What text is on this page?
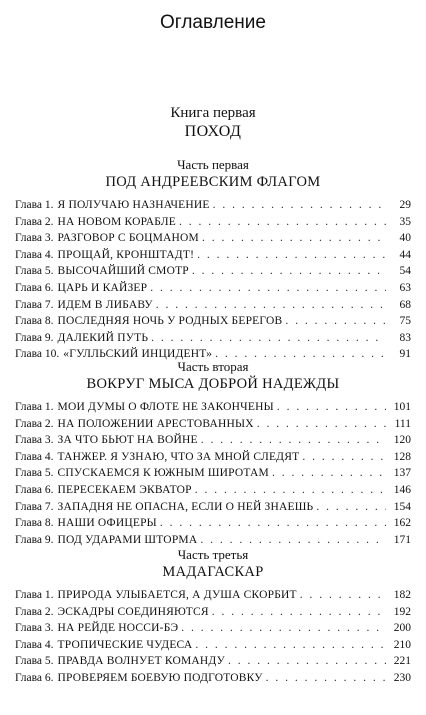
Оглавление
Книга первая
ПОХОД
Часть первая
ПОД АНДРЕЕВСКИМ ФЛАГОМ
Глава 1. Я ПОЛУЧАЮ НАЗНАЧЕНИЕ . . .	29
Глава 2. НА НОВОМ КОРАБЛЕ . . .	35
Глава 3. РАЗГОВОР С БОЦМАНОМ . . .	40
Глава 4. ПРОЩАЙ, КРОНШТАДТ! . . .	44
Глава 5. ВЫСОЧАЙШИЙ СМОТР . . .	54
Глава 6. ЦАРЬ И КАЙЗЕР . . .	63
Глава 7. ИДЕМ В ЛИБАВУ . . .	68
Глава 8. ПОСЛЕДНЯЯ НОЧЬ У РОДНЫХ БЕРЕГОВ . . .	75
Глава 9. ДАЛЕКИЙ ПУТЬ . . .	83
Глава 10. «ГУЛЛЬСКИЙ ИНЦИДЕНТ» . . .	91
Часть вторая
ВОКРУГ МЫСА ДОБРОЙ НАДЕЖДЫ
Глава 1. МОИ ДУМЫ О ФЛОТЕ НЕ ЗАКОНЧЕНЫ . . .	101
Глава 2. НА ПОЛОЖЕНИИ АРЕСТОВАННЫХ . . .	111
Глава 3. ЗА ЧТО БЬЮТ НА ВОЙНЕ . . .	120
Глава 4. ТАНЖЕР. Я УЗНАЮ, ЧТО ЗА МНОЙ СЛЕДЯТ . . .	128
Глава 5. СПУСКАЕМСЯ К ЮЖНЫМ ШИРОТАМ . . .	137
Глава 6. ПЕРЕСЕКАЕМ ЭКВАТОР . . .	146
Глава 7. ЗАПАДНЯ НЕ ОПАСНА, ЕСЛИ О НЕЙ ЗНАЕШЬ . . .	154
Глава 8. НАШИ ОФИЦЕРЫ . . .	162
Глава 9. ПОД УДАРАМИ ШТОРМА . . .	171
Часть третья
МАДАГАСКАР
Глава 1. ПРИРОДА УЛЫБАЕТСЯ, А ДУША СКОРБИТ . . .	182
Глава 2. ЭСКАДРЫ СОЕДИНЯЮТСЯ . . .	192
Глава 3. НА РЕЙДЕ НОССИ-БЭ . . .	200
Глава 4. ТРОПИЧЕСКИЕ ЧУДЕСА . . .	210
Глава 5. ПРАВДА ВОЛНУЕТ КОМАНДУ . . .	221
Глава 6. ПРОВЕРЯЕМ БОЕВУЮ ПОДГОТОВКУ . . .	230
